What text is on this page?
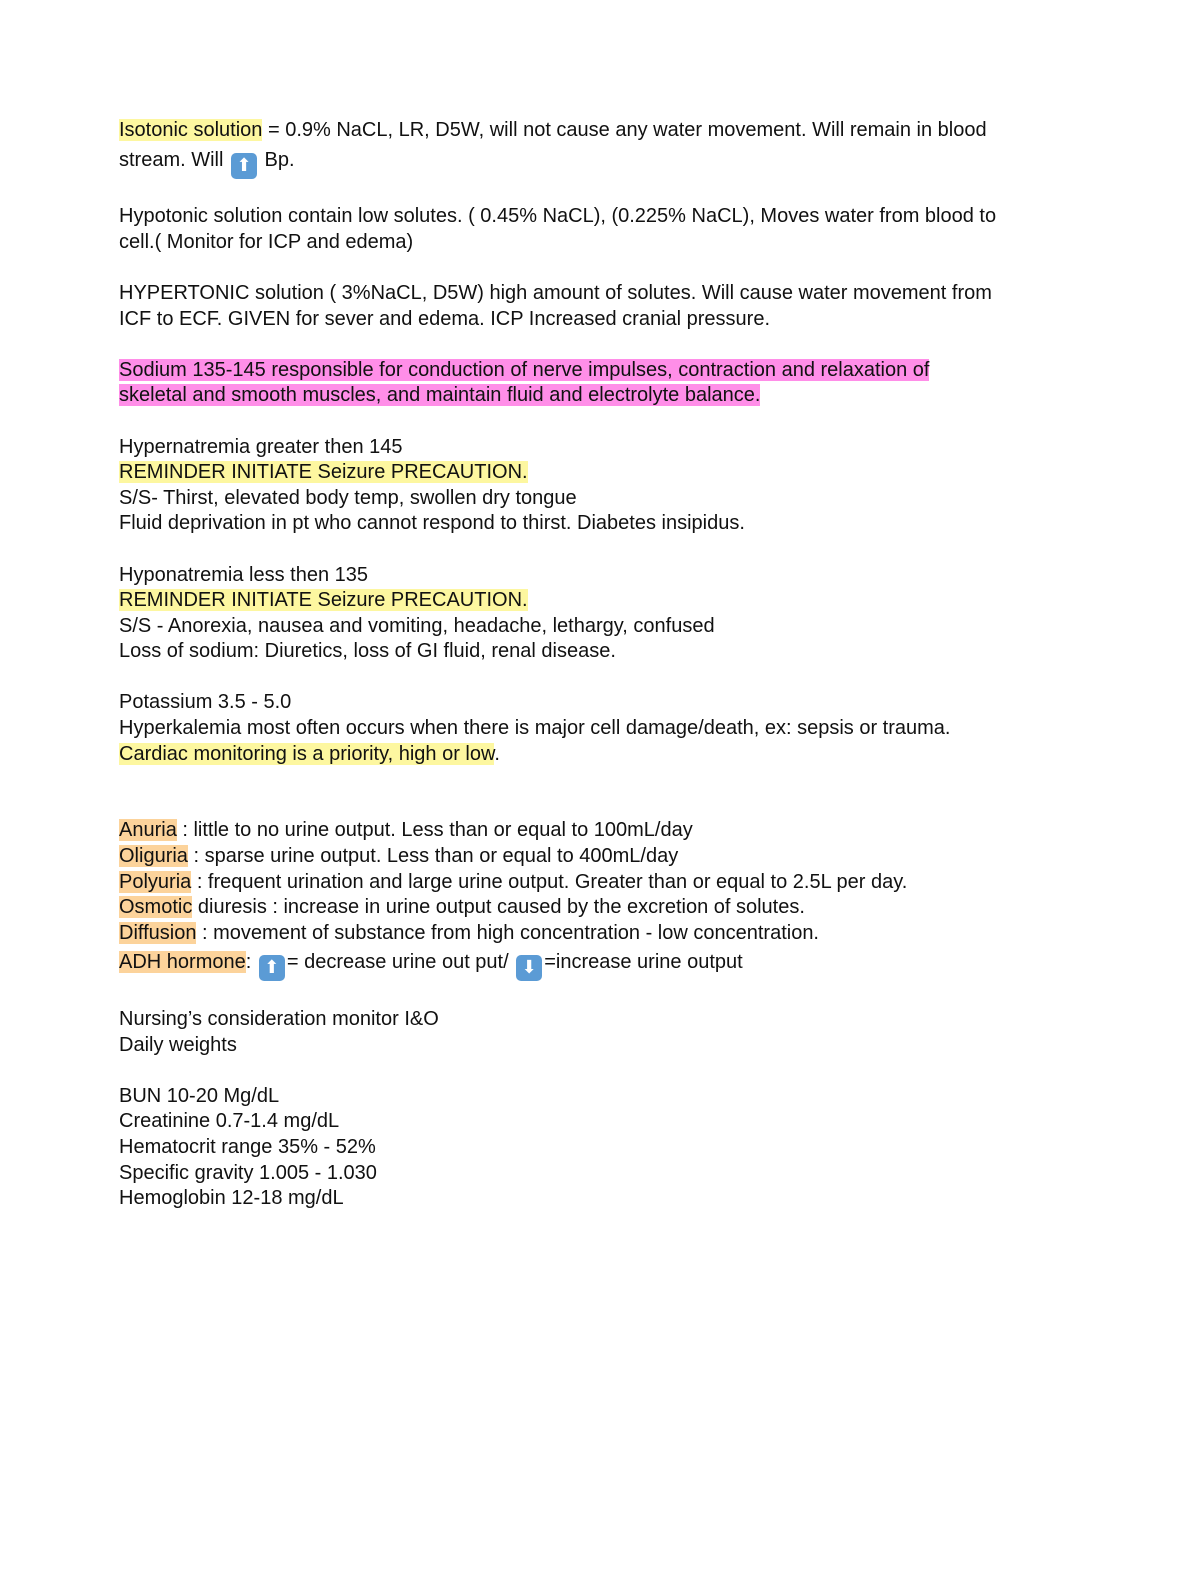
Isotonic solution = 0.9% NaCL, LR, D5W, will not cause any water movement. Will remain in blood
stream. Will ⬆ Bp.
Hypotonic solution contain low solutes. ( 0.45% NaCL), (0.225% NaCL), Moves water from blood to
cell.( Monitor for ICP and edema)
HYPERTONIC solution ( 3%NaCL, D5W) high amount of solutes. Will cause water movement from
ICF to ECF. GIVEN for sever and edema. ICP Increased cranial pressure.
Sodium 135-145 responsible for conduction of nerve impulses, contraction and relaxation of
skeletal and smooth muscles, and maintain fluid and electrolyte balance.
Hypernatremia greater then 145
REMINDER INITIATE Seizure PRECAUTION.
S/S- Thirst, elevated body temp, swollen dry tongue
Fluid deprivation in pt who cannot respond to thirst. Diabetes insipidus.
Hyponatremia less then 135
REMINDER INITIATE Seizure PRECAUTION.
S/S - Anorexia, nausea and vomiting, headache, lethargy, confused
Loss of sodium: Diuretics, loss of GI fluid, renal disease.
Potassium 3.5 - 5.0
Hyperkalemia most often occurs when there is major cell damage/death, ex: sepsis or trauma.
Cardiac monitoring is a priority, high or low.
Anuria : little to no urine output. Less than or equal to 100mL/day
Oliguria : sparse urine output. Less than or equal to 400mL/day
Polyuria : frequent urination and large urine output. Greater than or equal to 2.5L per day.
Osmotic diuresis : increase in urine output caused by the excretion of solutes.
Diffusion : movement of substance from high concentration - low concentration.
ADH hormone: ⬆ = decrease urine out put/ ⬇ =increase urine output
Nursing’s consideration monitor I&O
Daily weights
BUN 10-20 Mg/dL
Creatinine 0.7-1.4 mg/dL
Hematocrit range 35% - 52%
Specific gravity 1.005 - 1.030
Hemoglobin 12-18 mg/dL
